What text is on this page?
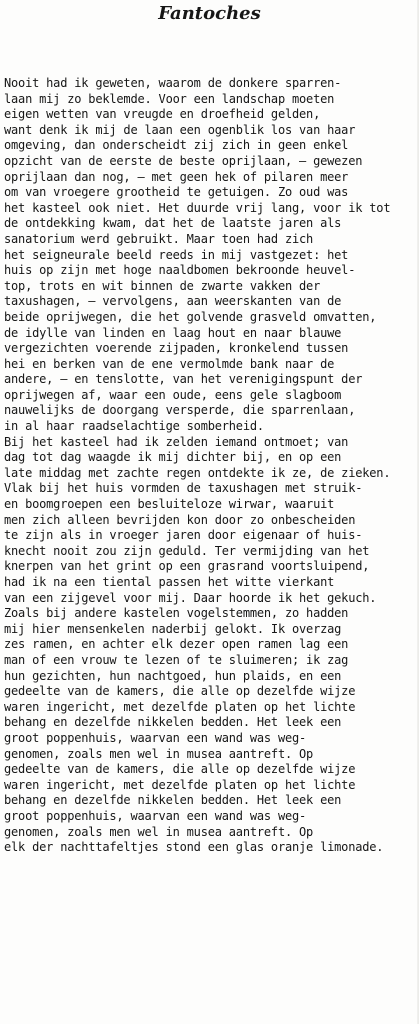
Fantoches
Nooit had ik geweten, waarom de donkere sparren-
laan mij zo beklemde. Voor een landschap moeten
eigen wetten van vreugde en droefheid gelden,
want denk ik mij de laan een ogenblik los van haar
omgeving, dan onderscheidt zij zich in geen enkel
opzicht van de eerste de beste oprijlaan, — gewezen
oprijlaan dan nog, — met geen hek of pilaren meer
om van vroegere grootheid te getuigen. Zo oud was
het kasteel ook niet. Het duurde vrij lang, voor ik tot
de ontdekking kwam, dat het de laatste jaren als
sanatorium werd gebruikt. Maar toen had zich
het seigneurale beeld reeds in mij vastgezet: het
huis op zijn met hoge naaldbomen bekroonde heuvel-
top, trots en wit binnen de zwarte vakken der
taxushagen, — vervolgens, aan weerskanten van de
beide oprijwegen, die het golvende grasveld omvatten,
de idylle van linden en laag hout en naar blauwe
vergezichten voerende zijpaden, kronkelend tussen
hei en berken van de ene vermolmde bank naar de
andere, — en tenslotte, van het verenigingspunt der
oprijwegen af, waar een oude, eens gele slagboom
nauwelijks de doorgang versperde, die sparrenlaan,
in al haar raadselachtige somberheid.
Bij het kasteel had ik zelden iemand ontmoet; van
dag tot dag waagde ik mij dichter bij, en op een
late middag met zachte regen ontdekte ik ze, de zieken.
Vlak bij het huis vormden de taxushagen met struik-
en boomgroepen een besluiteloze wirwar, waaruit
men zich alleen bevrijden kon door zo onbescheiden
te zijn als in vroeger jaren door eigenaar of huis-
knecht nooit zou zijn geduld. Ter vermijding van het
knerpen van het grint op een grasrand voortsluipend,
had ik na een tiental passen het witte vierkant
van een zijgevel voor mij. Daar hoorde ik het gekuch.
Zoals bij andere kastelen vogelstemmen, zo hadden
mij hier mensenkelen naderbij gelokt. Ik overzag
zes ramen, en achter elk dezer open ramen lag een
man of een vrouw te lezen of te sluimeren; ik zag
hun gezichten, hun nachtgoed, hun plaids, en een
gedeelte van de kamers, die alle op dezelfde wijze
waren ingericht, met dezelfde platen op het lichte
behang en dezelfde nikkelen bedden. Het leek een
groot poppenhuis, waarvan een wand was weg-
genomen, zoals men wel in musea aantreft. Op
gedeelte van de kamers, die alle op dezelfde wijze
waren ingericht, met dezelfde platen op het lichte
behang en dezelfde nikkelen bedden. Het leek een
groot poppenhuis, waarvan een wand was weg-
genomen, zoals men wel in musea aantreft. Op
elk der nachttafeltjes stond een glas oranje limonade.
